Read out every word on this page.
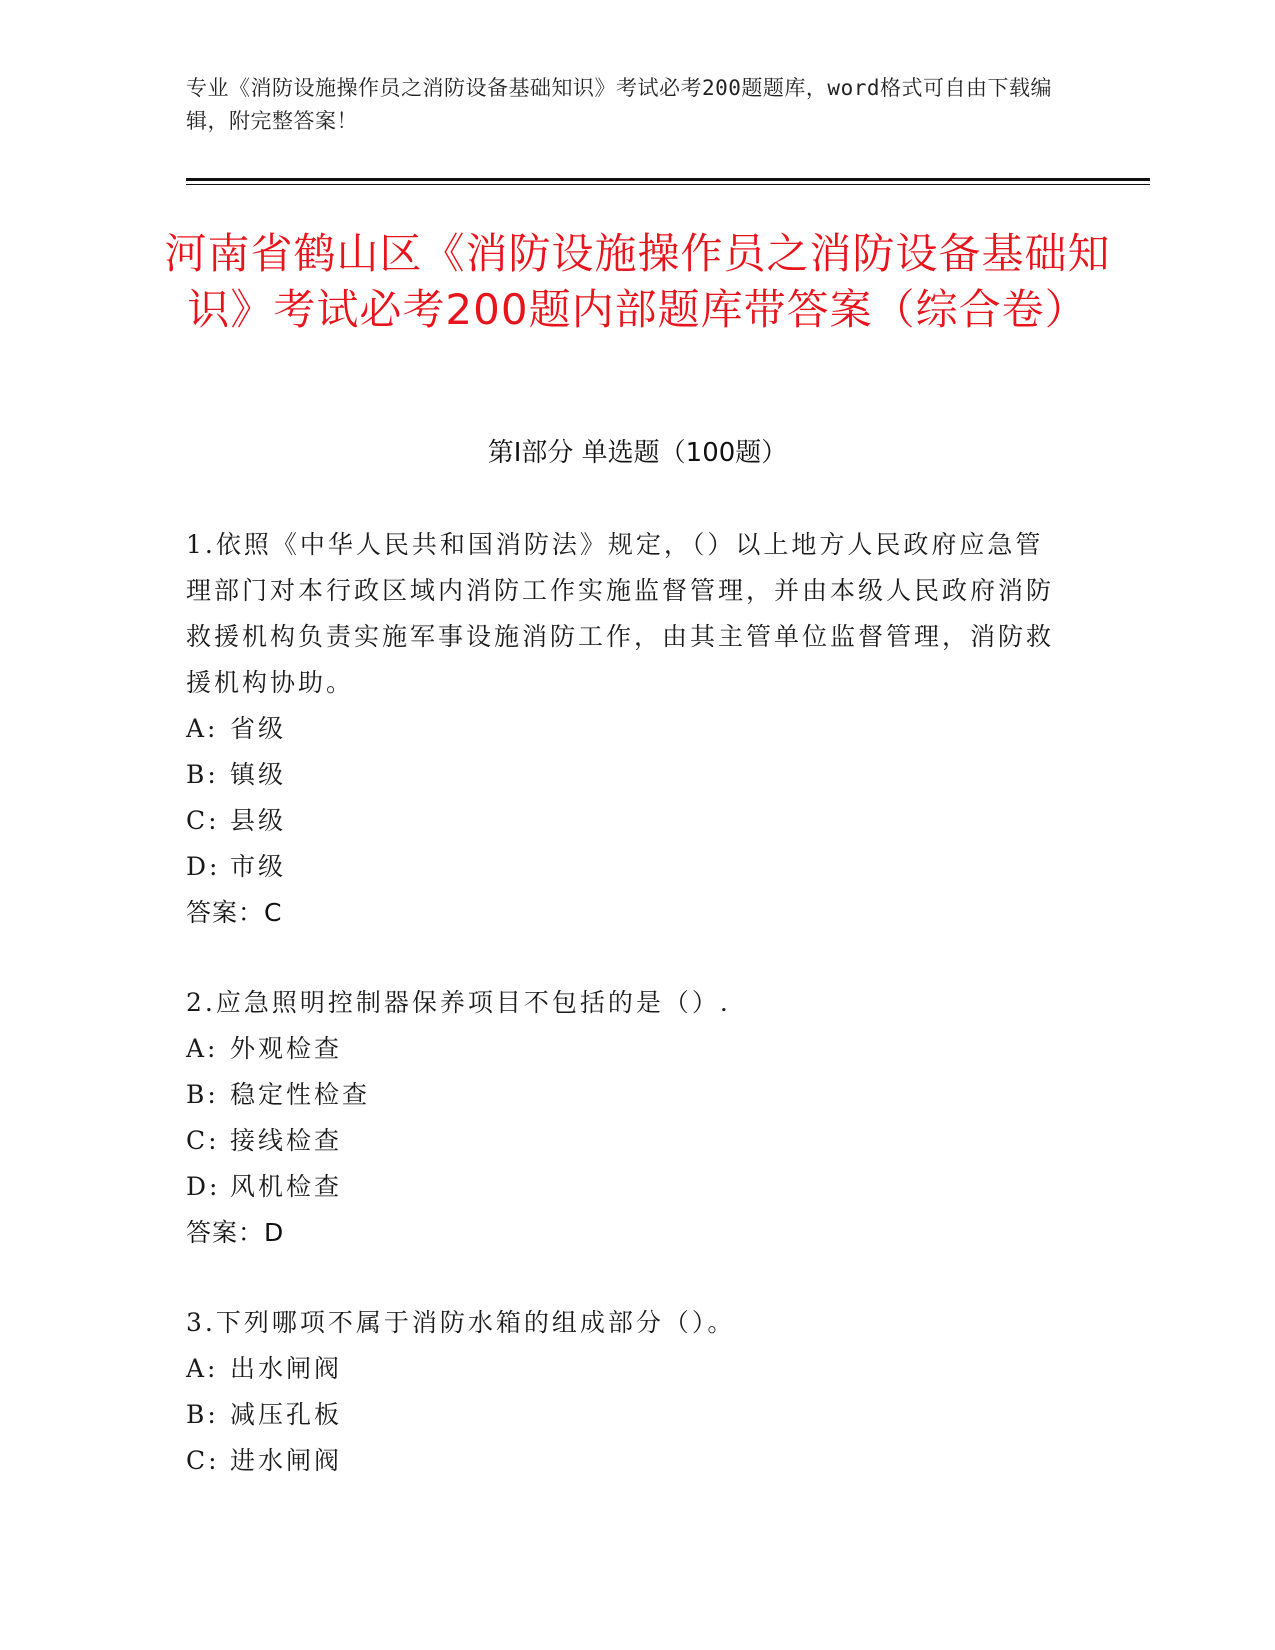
专业《消防设施操作员之消防设备基础知识》考试必考200题题库，word格式可自由下载编辑，附完整答案！
河南省鹤山区《消防设施操作员之消防设备基础知识》考试必考200题内部题库带答案（综合卷）
第I部分 单选题（100题）
1.依照《中华人民共和国消防法》规定，（）以上地方人民政府应急管理部门对本行政区域内消防工作实施监督管理，并由本级人民政府消防救援机构负责实施军事设施消防工作，由其主管单位监督管理，消防救援机构协助。
A: 省级
B: 镇级
C: 县级
D: 市级
答案：C
2.应急照明控制器保养项目不包括的是（）.
A: 外观检查
B: 稳定性检查
C: 接线检查
D: 风机检查
答案：D
3.下列哪项不属于消防水箱的组成部分（）。
A: 出水闸阀
B: 减压孔板
C: 进水闸阀
